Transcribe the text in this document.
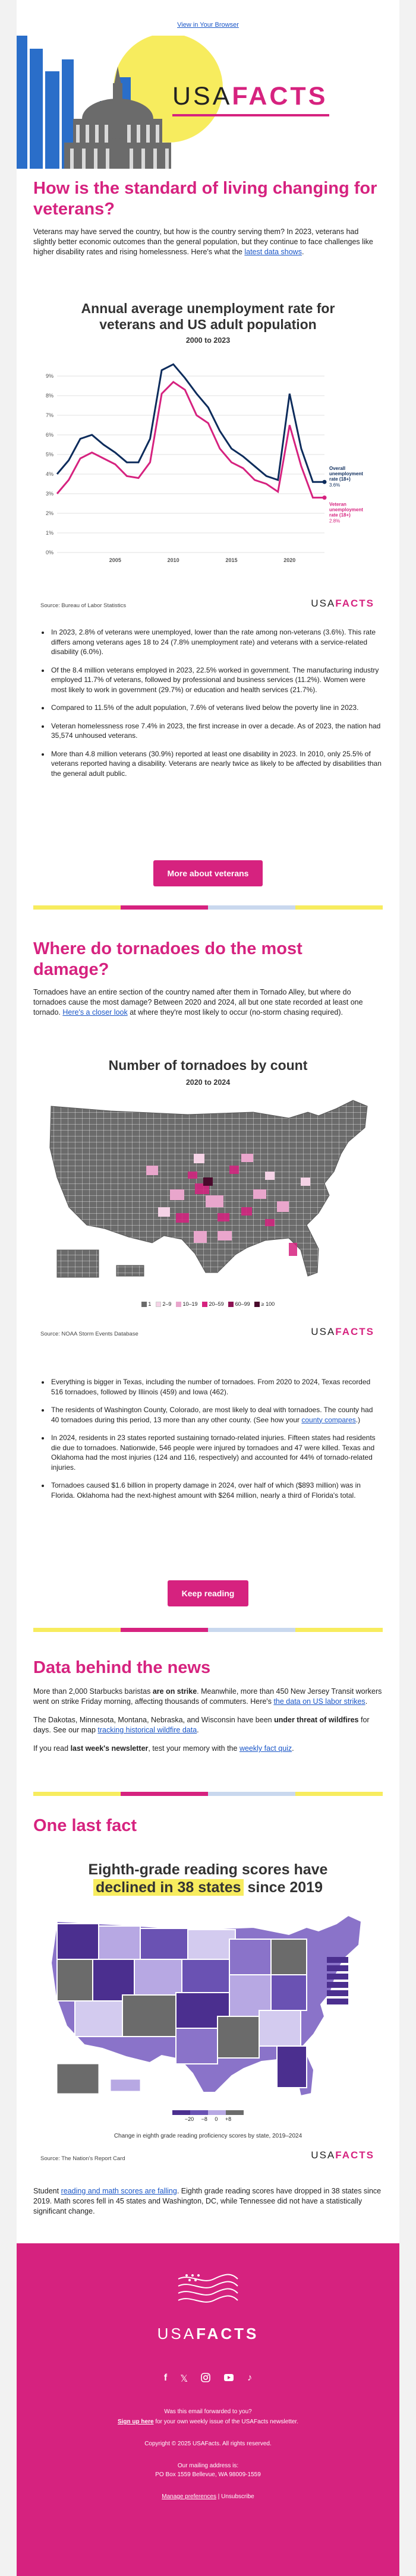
View in Your Browser
USAFACTS
How is the standard of living changing for veterans?

Veterans may have served the country, but how is the country serving them? In 2023, veterans had slightly better economic outcomes than the general population, but they continue to face challenges like higher disability rates and rising homelessness. Here's what the latest data shows.

Annual average unemployment rate for veterans and US adult population
2000 to 2023
0%
1%
2%
3%
4%
5%
6%
7%
8%
9%
2005	2010	2015	2020
Overall unemployment rate (18+)
3.6%
Veteran unemployment rate (18+)
2.8%
Source: Bureau of Labor Statistics	USAFACTS
• In 2023, 2.8% of veterans were unemployed, lower than the rate among non-veterans (3.6%). This rate differs among veterans ages 18 to 24 (7.8% unemployment rate) and veterans with a service-related disability (6.0%).
• Of the 8.4 million veterans employed in 2023, 22.5% worked in government. The manufacturing industry employed 11.7% of veterans, followed by professional and business services (11.2%). Women were most likely to work in government (29.7%) or education and health services (21.7%).
• Compared to 11.5% of the adult population, 7.6% of veterans lived below the poverty line in 2023.
• Veteran homelessness rose 7.4% in 2023, the first increase in over a decade. As of 2023, the nation had 35,574 unhoused veterans.
• More than 4.8 million veterans (30.9%) reported at least one disability in 2023. In 2010, only 25.5% of veterans reported having a disability. Veterans are nearly twice as likely to be affected by disabilities than the general adult public.
More about veterans
Where do tornadoes do the most damage?

Tornadoes have an entire section of the country named after them in Tornado Alley, but where do tornadoes cause the most damage? Between 2020 and 2024, all but one state recorded at least one tornado. Here's a closer look at where they're most likely to occur (no-storm chasing required).

Number of tornadoes by count
2020 to 2024
1 2–9 10–19 20–59 60–99 ≥ 100
Source: NOAA Storm Events Database	USAFACTS
• Everything is bigger in Texas, including the number of tornadoes. From 2020 to 2024, Texas recorded 516 tornadoes, followed by Illinois (459) and Iowa (462).
• The residents of Washington County, Colorado, are most likely to deal with tornadoes. The county had 40 tornadoes during this period, 13 more than any other county. (See how your county compares.)
• In 2024, residents in 23 states reported sustaining tornado-related injuries. Fifteen states had residents die due to tornadoes. Nationwide, 546 people were injured by tornadoes and 47 were killed. Texas and Oklahoma had the most injuries (124 and 116, respectively) and accounted for 44% of tornado-related injuries.
• Tornadoes caused $1.6 billion in property damage in 2024, over half of which ($893 million) was in Florida. Oklahoma had the next-highest amount with $264 million, nearly a third of Florida's total.
Keep reading
Data behind the news

More than 2,000 Starbucks baristas are on strike. Meanwhile, more than 450 New Jersey Transit workers went on strike Friday morning, affecting thousands of commuters. Here's the data on US labor strikes.

The Dakotas, Minnesota, Montana, Nebraska, and Wisconsin have been under threat of wildfires for days. See our map tracking historical wildfire data.

If you read last week's newsletter, test your memory with the weekly fact quiz.

One last fact
Eighth-grade reading scores have
declined in 38 states since 2019

−20 −8 0 +8
Change in eighth grade reading proficiency scores by state, 2019–2024
Source: The Nation's Report Card	USAFACTS

Student reading and math scores are falling. Eighth grade reading scores have dropped in 38 states since 2019. Math scores fell in 45 states and Washington, DC, while Tennessee did not have a statistically significant change.

USAFACTS
f 𝕏	♪
Was this email forwarded to you?
Sign up here for your own weekly issue of the USAFacts newsletter.
Copyright © 2025 USAFacts. All rights reserved.
Our mailing address is:
PO Box 1559 Bellevue, WA 98009-1559
Manage preferences | Unsubscribe
